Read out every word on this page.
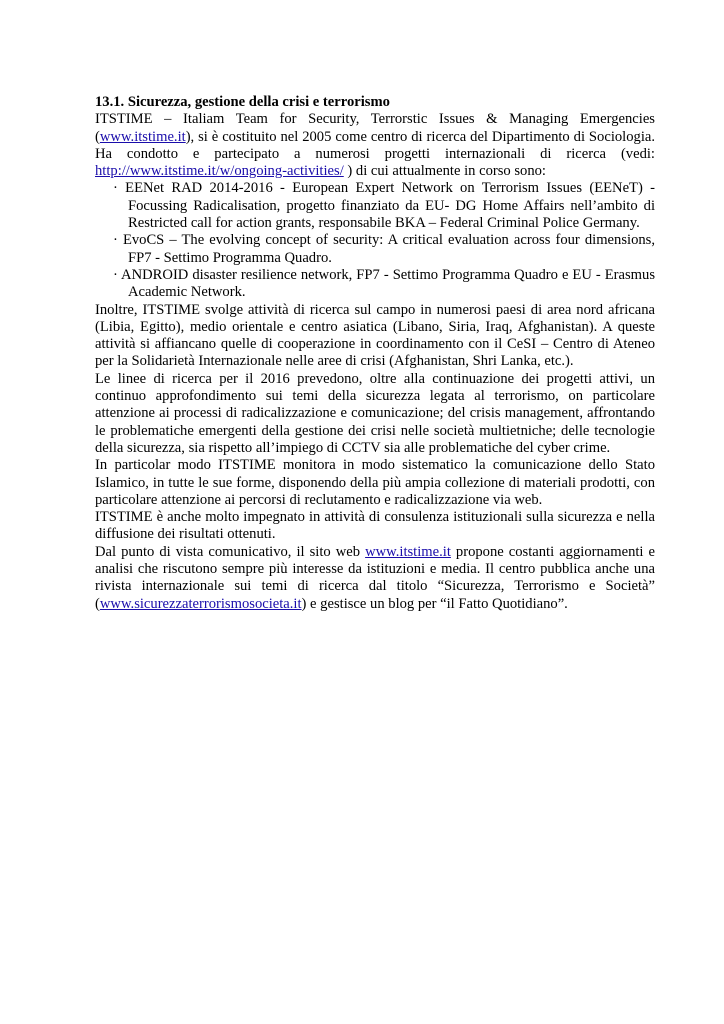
13.1. Sicurezza, gestione della crisi e terrorismo

ITSTIME – Italiam Team for Security, Terrorstic Issues & Managing Emergencies (www.itstime.it), si è costituito nel 2005 come centro di ricerca del Dipartimento di Sociologia. Ha condotto e partecipato a numerosi progetti internazionali di ricerca (vedi: http://www.itstime.it/w/ongoing-activities/ ) di cui attualmente in corso sono:

· EENet RAD 2014-2016 - European Expert Network on Terrorism Issues (EENeT) - Focussing Radicalisation, progetto finanziato da EU- DG Home Affairs nell’ambito di Restricted call for action grants, responsabile BKA – Federal Criminal Police Germany.

· EvoCS – The evolving concept of security: A critical evaluation across four dimensions, FP7 - Settimo Programma Quadro.

· ANDROID disaster resilience network, FP7 - Settimo Programma Quadro e EU - Erasmus Academic Network.

Inoltre, ITSTIME svolge attività di ricerca sul campo in numerosi paesi di area nord africana (Libia, Egitto), medio orientale e centro asiatica (Libano, Siria, Iraq, Afghanistan). A queste attività si affiancano quelle di cooperazione in coordinamento con il CeSI – Centro di Ateneo per la Solidarietà Internazionale nelle aree di crisi (Afghanistan, Shri Lanka, etc.).

Le linee di ricerca per il 2016 prevedono, oltre alla continuazione dei progetti attivi, un continuo approfondimento sui temi della sicurezza legata al terrorismo, on particolare attenzione ai processi di radicalizzazione e comunicazione; del crisis management, affrontando le problematiche emergenti della gestione dei crisi nelle società multietniche; delle tecnologie della sicurezza, sia rispetto all’impiego di CCTV sia alle problematiche del cyber crime.

In particolar modo ITSTIME monitora in modo sistematico la comunicazione dello Stato Islamico, in tutte le sue forme, disponendo della più ampia collezione di materiali prodotti, con particolare attenzione ai percorsi di reclutamento e radicalizzazione via web.

ITSTIME è anche molto impegnato in attività di consulenza istituzionali sulla sicurezza e nella diffusione dei risultati ottenuti.

Dal punto di vista comunicativo, il sito web www.itstime.it propone costanti aggiornamenti e analisi che riscutono sempre più interesse da istituzioni e media. Il centro pubblica anche una rivista internazionale sui temi di ricerca dal titolo “Sicurezza, Terrorismo e Società” (www.sicurezzaterrorismosocieta.it) e gestisce un blog per “il Fatto Quotidiano”.
